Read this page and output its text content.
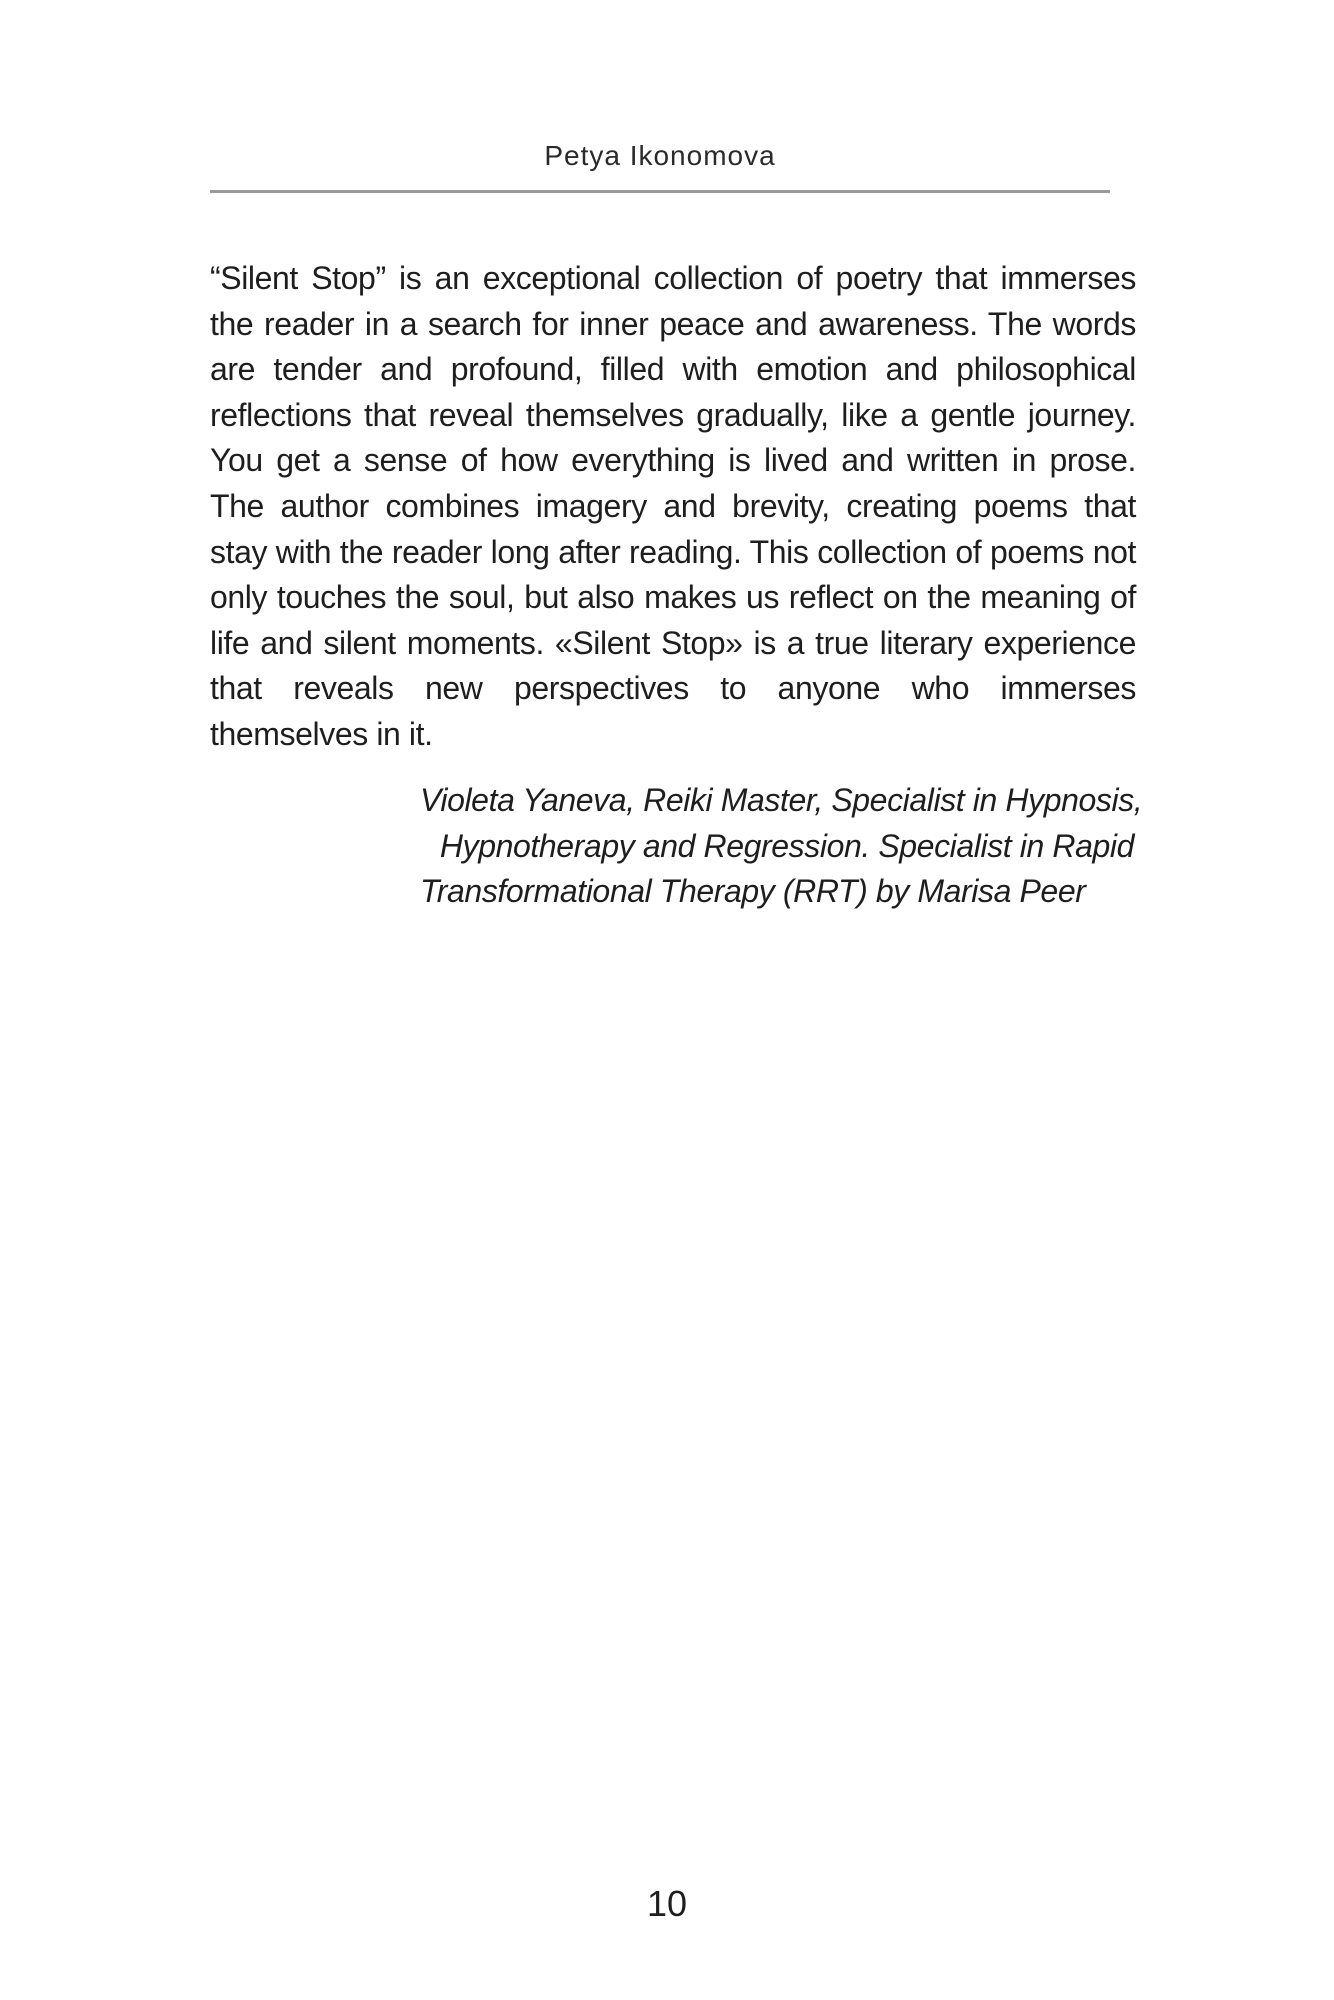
Petya Ikonomova

“Silent Stop” is an exceptional collection of poetry that immerses the reader in a search for inner peace and awareness. The words are tender and profound, filled with emotion and philosophical reflections that reveal themselves gradually, like a gentle journey. You get a sense of how everything is lived and written in prose. The author combines imagery and brevity, creating poems that stay with the reader long after reading. This collection of poems not only touches the soul, but also makes us reflect on the meaning of life and silent moments. «Silent Stop» is a true literary experience that reveals new perspectives to anyone who immerses themselves in it.

Violeta Yaneva, Reiki Master, Specialist in Hypnosis,
Hypnotherapy and Regression. Specialist in Rapid
Transformational Therapy (RRT) by Marisa Peer
10
